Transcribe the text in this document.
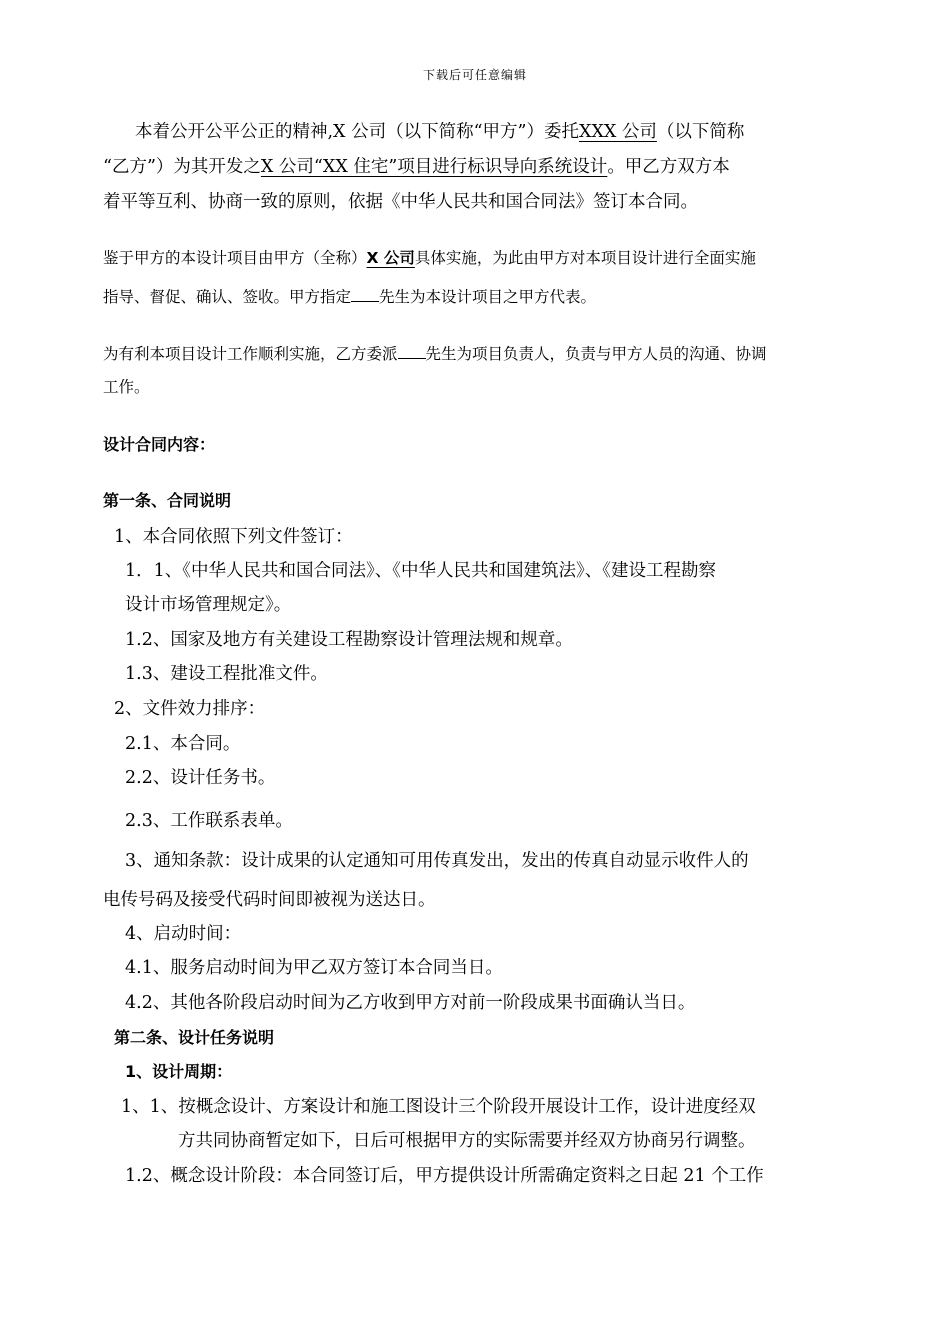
下载后可任意编辑
本着公开公平公正的精神,X 公司（以下简称“甲方”）委托XXX 公司（以下简称
“乙方”）为其开发之X 公司“XX 住宅”项目进行标识导向系统设计。甲乙方双方本
着平等互利、协商一致的原则，依据《中华人民共和国合同法》签订本合同。
鉴于甲方的本设计项目由甲方（全称）X 公司具体实施，为此由甲方对本项目设计进行全面实施
指导、督促、确认、签收。甲方指定 先生为本设计项目之甲方代表。
为有利本项目设计工作顺利实施，乙方委派 先生为项目负责人，负责与甲方人员的沟通、协调
工作。
设计合同内容：
第一条、合同说明
1、本合同依照下列文件签订：
1．1、《中华人民共和国合同法》、《中华人民共和国建筑法》、《建设工程勘察
设计市场管理规定》。
1.2、国家及地方有关建设工程勘察设计管理法规和规章。
1.3、建设工程批准文件。
2、文件效力排序：
2.1、本合同。
2.2、设计任务书。
2.3、工作联系表单。
3、通知条款：设计成果的认定通知可用传真发出，发出的传真自动显示收件人的
电传号码及接受代码时间即被视为送达日。
4、启动时间：
4.1、服务启动时间为甲乙双方签订本合同当日。
4.2、其他各阶段启动时间为乙方收到甲方对前一阶段成果书面确认当日。
第二条、设计任务说明
1、设计周期：
1、1、按概念设计、方案设计和施工图设计三个阶段开展设计工作，设计进度经双
方共同协商暂定如下，日后可根据甲方的实际需要并经双方协商另行调整。
1.2、概念设计阶段：本合同签订后，甲方提供设计所需确定资料之日起 21 个工作
